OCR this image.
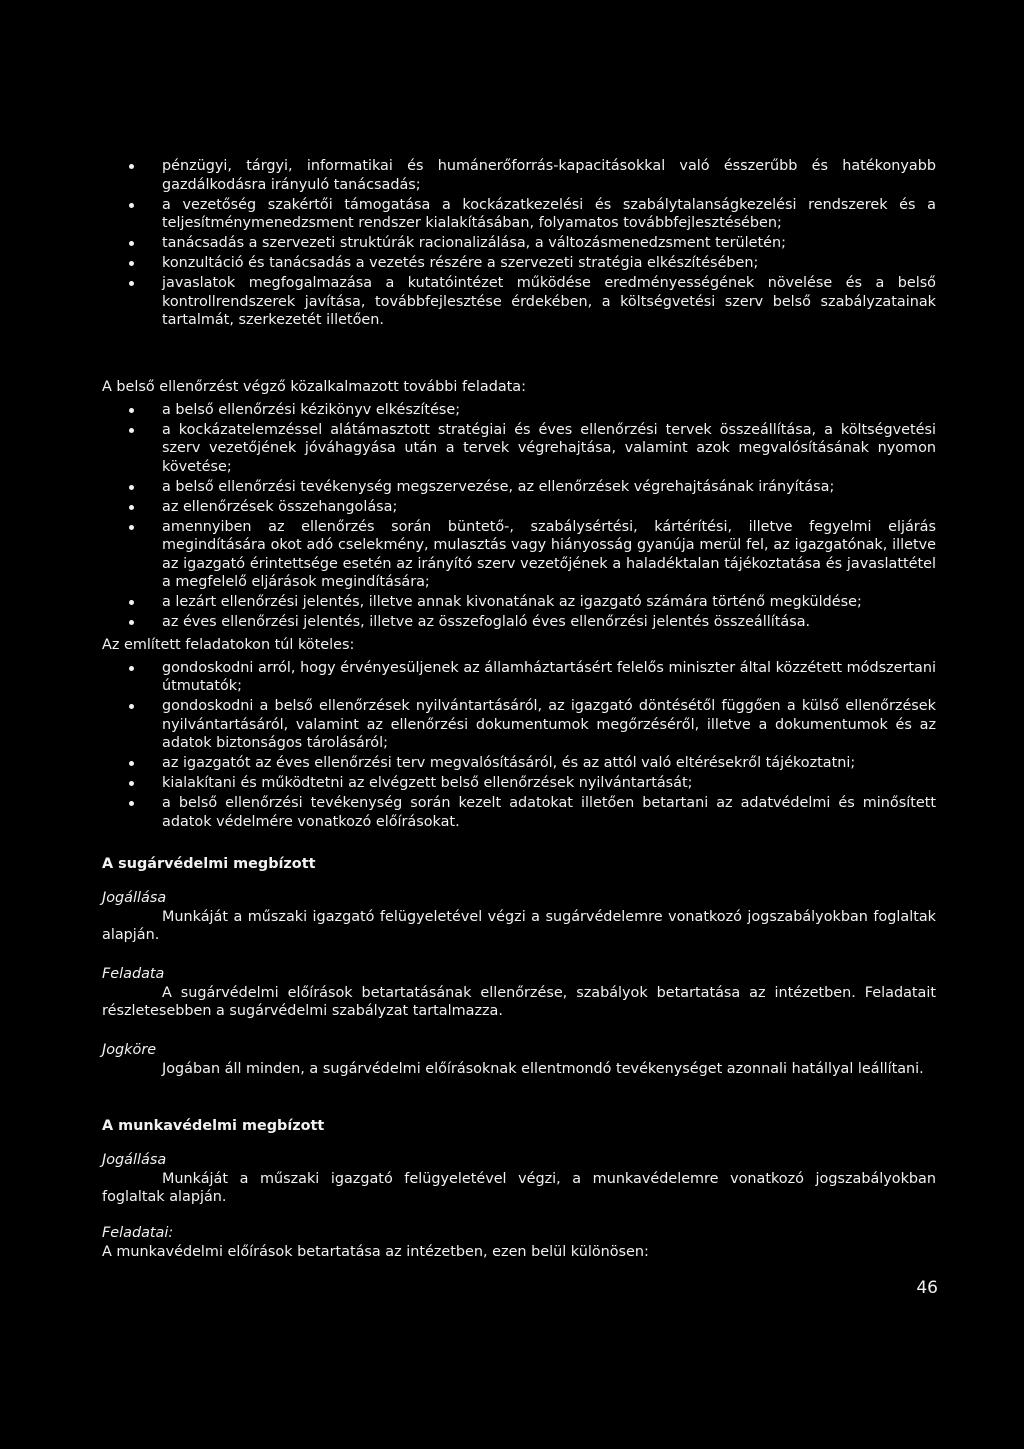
pénzügyi, tárgyi, informatikai és humánerőforrás-kapacitásokkal való ésszerűbb és hatékonyabb gazdálkodásra irányuló tanácsadás;
a vezetőség szakértői támogatása a kockázatkezelési és szabálytalanságkezelési rendszerek és a teljesítménymenedzsment rendszer kialakításában, folyamatos továbbfejlesztésében;
tanácsadás a szervezeti struktúrák racionalizálása, a változásmenedzsment területén;
konzultáció és tanácsadás a vezetés részére a szervezeti stratégia elkészítésében;
javaslatok megfogalmazása a kutatóintézet működése eredményességének növelése és a belső kontrollrendszerek javítása, továbbfejlesztése érdekében, a költségvetési szerv belső szabályzatainak tartalmát, szerkezetét illetően.

A belső ellenőrzést végző közalkalmazott további feladata:

a belső ellenőrzési kézikönyv elkészítése;
a kockázatelemzéssel alátámasztott stratégiai és éves ellenőrzési tervek összeállítása, a költségvetési szerv vezetőjének jóváhagyása után a tervek végrehajtása, valamint azok megvalósításának nyomon követése;
a belső ellenőrzési tevékenység megszervezése, az ellenőrzések végrehajtásának irányítása;
az ellenőrzések összehangolása;
amennyiben az ellenőrzés során büntető-, szabálysértési, kártérítési, illetve fegyelmi eljárás megindítására okot adó cselekmény, mulasztás vagy hiányosság gyanúja merül fel, az igazgatónak, illetve az igazgató érintettsége esetén az irányító szerv vezetőjének a haladéktalan tájékoztatása és javaslattétel a megfelelő eljárások megindítására;
a lezárt ellenőrzési jelentés, illetve annak kivonatának az igazgató számára történő megküldése;
az éves ellenőrzési jelentés, illetve az összefoglaló éves ellenőrzési jelentés összeállítása.

Az említett feladatokon túl köteles:

gondoskodni arról, hogy érvényesüljenek az államháztartásért felelős miniszter által közzétett módszertani útmutatók;
gondoskodni a belső ellenőrzések nyilvántartásáról, az igazgató döntésétől függően a külső ellenőrzések nyilvántartásáról, valamint az ellenőrzési dokumentumok megőrzéséről, illetve a dokumentumok és az adatok biztonságos tárolásáról;
az igazgatót az éves ellenőrzési terv megvalósításáról, és az attól való eltérésekről tájékoztatni;
kialakítani és működtetni az elvégzett belső ellenőrzések nyilvántartását;
a belső ellenőrzési tevékenység során kezelt adatokat illetően betartani az adatvédelmi és minősített adatok védelmére vonatkozó előírásokat.

A sugárvédelmi megbízott

Jogállása

Munkáját a műszaki igazgató felügyeletével végzi a sugárvédelemre vonatkozó jogszabályokban foglaltak alapján.

Feladata

A sugárvédelmi előírások betartatásának ellenőrzése, szabályok betartatása az intézetben. Feladatait részletesebben a sugárvédelmi szabályzat tartalmazza.

Jogköre

Jogában áll minden, a sugárvédelmi előírásoknak ellentmondó tevékenységet azonnali hatállyal leállítani.

A munkavédelmi megbízott

Jogállása

Munkáját a műszaki igazgató felügyeletével végzi, a munkavédelemre vonatkozó jogszabályokban foglaltak alapján.

Feladatai:

A munkavédelmi előírások betartatása az intézetben, ezen belül különösen:

46
